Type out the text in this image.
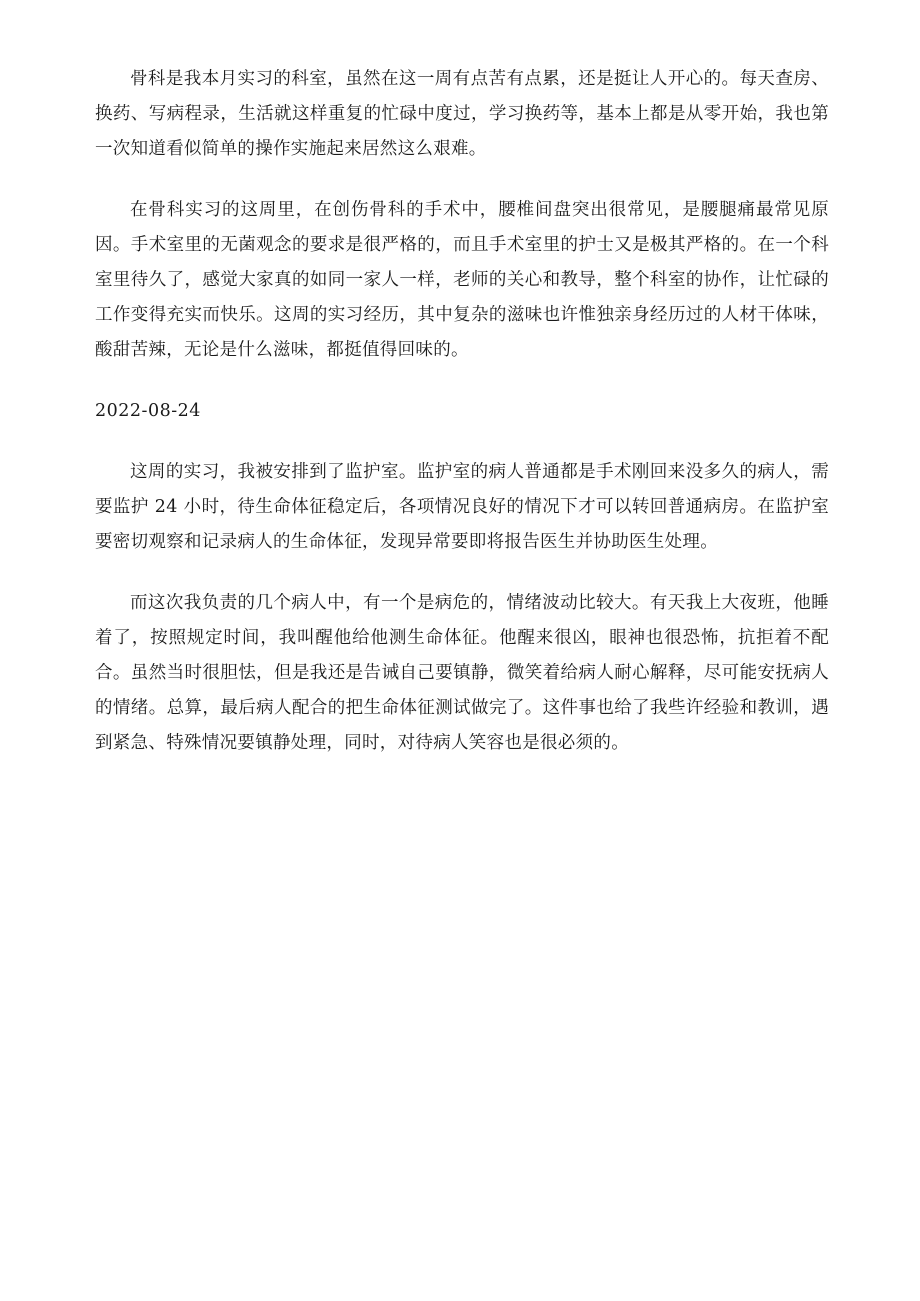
骨科是我本月实习的科室，虽然在这一周有点苦有点累，还是挺让人开心的。每天查房、换药、写病程录，生活就这样重复的忙碌中度过，学习换药等，基本上都是从零开始，我也第一次知道看似简单的操作实施起来居然这么艰难。

在骨科实习的这周里，在创伤骨科的手术中，腰椎间盘突出很常见，是腰腿痛最常见原因。手术室里的无菌观念的要求是很严格的，而且手术室里的护士又是极其严格的。在一个科室里待久了，感觉大家真的如同一家人一样，老师的关心和教导，整个科室的协作，让忙碌的工作变得充实而快乐。这周的实习经历，其中复杂的滋味也许惟独亲身经历过的人材干体味，酸甜苦辣，无论是什么滋味，都挺值得回味的。

2022-08-24

这周的实习，我被安排到了监护室。监护室的病人普通都是手术刚回来没多久的病人，需要监护 24 小时，待生命体征稳定后，各项情况良好的情况下才可以转回普通病房。在监护室要密切观察和记录病人的生命体征，发现异常要即将报告医生并协助医生处理。

而这次我负责的几个病人中，有一个是病危的，情绪波动比较大。有天我上大夜班，他睡着了，按照规定时间，我叫醒他给他测生命体征。他醒来很凶，眼神也很恐怖，抗拒着不配合。虽然当时很胆怯，但是我还是告诫自己要镇静，微笑着给病人耐心解释，尽可能安抚病人的情绪。总算，最后病人配合的把生命体征测试做完了。这件事也给了我些许经验和教训，遇到紧急、特殊情况要镇静处理，同时，对待病人笑容也是很必须的。
